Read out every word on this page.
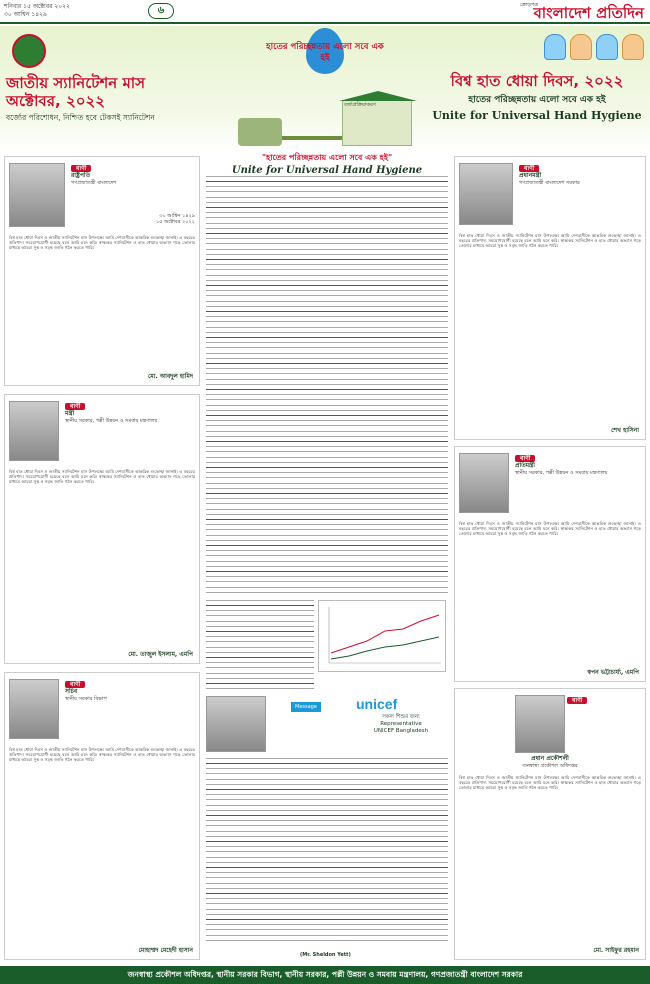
শনিবার ১৫ অক্টোবর ২০২২
৩০ আশ্বিন ১৪২৯	৬	ক্রোড়পত্র
বাংলাদেশ প্রতিদিন
জাতীয় স্যানিটেশন মাস
অক্টোবর, ২০২২
বর্জ্যের পরিশোধন, নিশ্চিত হবে টেকসই স্যানিটেশন
হাতের পরিচ্ছন্নতায় এলো সবে এক হই
বর্জ্যপ্রক্রিয়াকরণ
বিশ্ব হাত ধোয়া দিবস, ২০২২
হাতের পরিচ্ছন্নতায় এলো সবে এক হই
Unite for Universal Hand Hygiene
"হাতের পরিচ্ছন্নতায় এলো সবে এক হই"
Unite for Universal Hand Hygiene
বাণী
রাষ্ট্রপতি
গণপ্রজাতন্ত্রী বাংলাদেশ
৩০ আশ্বিন ১৪২৯
১৫ অক্টোবর ২০২২
বিশ্ব হাত ধোয়া দিবস ও জাতীয় স্যানিটেশন মাস উপলক্ষ্যে আমি দেশবাসীকে আন্তরিক শুভেচ্ছা জানাই। এ বছরের প্রতিপাদ্য সময়োপযোগী হয়েছে বলে আমি মনে করি। স্বাস্থ্যকর স্যানিটেশন ও হাত ধোয়ার অভ্যাস গড়ে তোলার মাধ্যমে আমরা সুস্থ ও সমৃদ্ধ জাতি গঠন করতে পারি।
মো. আবদুল হামিদ
বাণী
মন্ত্রী
স্থানীয় সরকার, পল্লী উন্নয়ন ও সমবায় মন্ত্রণালয়
বিশ্ব হাত ধোয়া দিবস ও জাতীয় স্যানিটেশন মাস উপলক্ষ্যে আমি দেশবাসীকে আন্তরিক শুভেচ্ছা জানাই। এ বছরের প্রতিপাদ্য সময়োপযোগী হয়েছে বলে আমি মনে করি। স্বাস্থ্যকর স্যানিটেশন ও হাত ধোয়ার অভ্যাস গড়ে তোলার মাধ্যমে আমরা সুস্থ ও সমৃদ্ধ জাতি গঠন করতে পারি।
মো. তাজুল ইসলাম, এমপি
বাণী
সচিব
স্থানীয় সরকার বিভাগ
বিশ্ব হাত ধোয়া দিবস ও জাতীয় স্যানিটেশন মাস উপলক্ষ্যে আমি দেশবাসীকে আন্তরিক শুভেচ্ছা জানাই। এ বছরের প্রতিপাদ্য সময়োপযোগী হয়েছে বলে আমি মনে করি। স্বাস্থ্যকর স্যানিটেশন ও হাত ধোয়ার অভ্যাস গড়ে তোলার মাধ্যমে আমরা সুস্থ ও সমৃদ্ধ জাতি গঠন করতে পারি।
মোহাম্মদ মেহেদী হাসান
Message	unicef
সকল শিশুর জন্য
Representative
UNICEF Bangladesh
(Mr. Sheldon Yett)
বাণী
প্রধানমন্ত্রী
গণপ্রজাতন্ত্রী বাংলাদেশ সরকার
বিশ্ব হাত ধোয়া দিবস ও জাতীয় স্যানিটেশন মাস উপলক্ষ্যে আমি দেশবাসীকে আন্তরিক শুভেচ্ছা জানাই। এ বছরের প্রতিপাদ্য সময়োপযোগী হয়েছে বলে আমি মনে করি। স্বাস্থ্যকর স্যানিটেশন ও হাত ধোয়ার অভ্যাস গড়ে তোলার মাধ্যমে আমরা সুস্থ ও সমৃদ্ধ জাতি গঠন করতে পারি।
শেখ হাসিনা
বাণী
প্রতিমন্ত্রী
স্থানীয় সরকার, পল্লী উন্নয়ন ও সমবায় মন্ত্রণালয়
বিশ্ব হাত ধোয়া দিবস ও জাতীয় স্যানিটেশন মাস উপলক্ষ্যে আমি দেশবাসীকে আন্তরিক শুভেচ্ছা জানাই। এ বছরের প্রতিপাদ্য সময়োপযোগী হয়েছে বলে আমি মনে করি। স্বাস্থ্যকর স্যানিটেশন ও হাত ধোয়ার অভ্যাস গড়ে তোলার মাধ্যমে আমরা সুস্থ ও সমৃদ্ধ জাতি গঠন করতে পারি।
স্বপন ভট্টাচার্য্য, এমপি
বাণী
প্রধান প্রকৌশলী
জনস্বাস্থ্য প্রকৌশল অধিদপ্তর
বিশ্ব হাত ধোয়া দিবস ও জাতীয় স্যানিটেশন মাস উপলক্ষ্যে আমি দেশবাসীকে আন্তরিক শুভেচ্ছা জানাই। এ বছরের প্রতিপাদ্য সময়োপযোগী হয়েছে বলে আমি মনে করি। স্বাস্থ্যকর স্যানিটেশন ও হাত ধোয়ার অভ্যাস গড়ে তোলার মাধ্যমে আমরা সুস্থ ও সমৃদ্ধ জাতি গঠন করতে পারি।
মো. সাইফুর রহমান
জনস্বাস্থ্য প্রকৌশল অধিদপ্তর, স্থানীয় সরকার বিভাগ, স্থানীয় সরকার, পল্লী উন্নয়ন ও সমবায় মন্ত্রণালয়, গণপ্রজাতন্ত্রী বাংলাদেশ সরকার
